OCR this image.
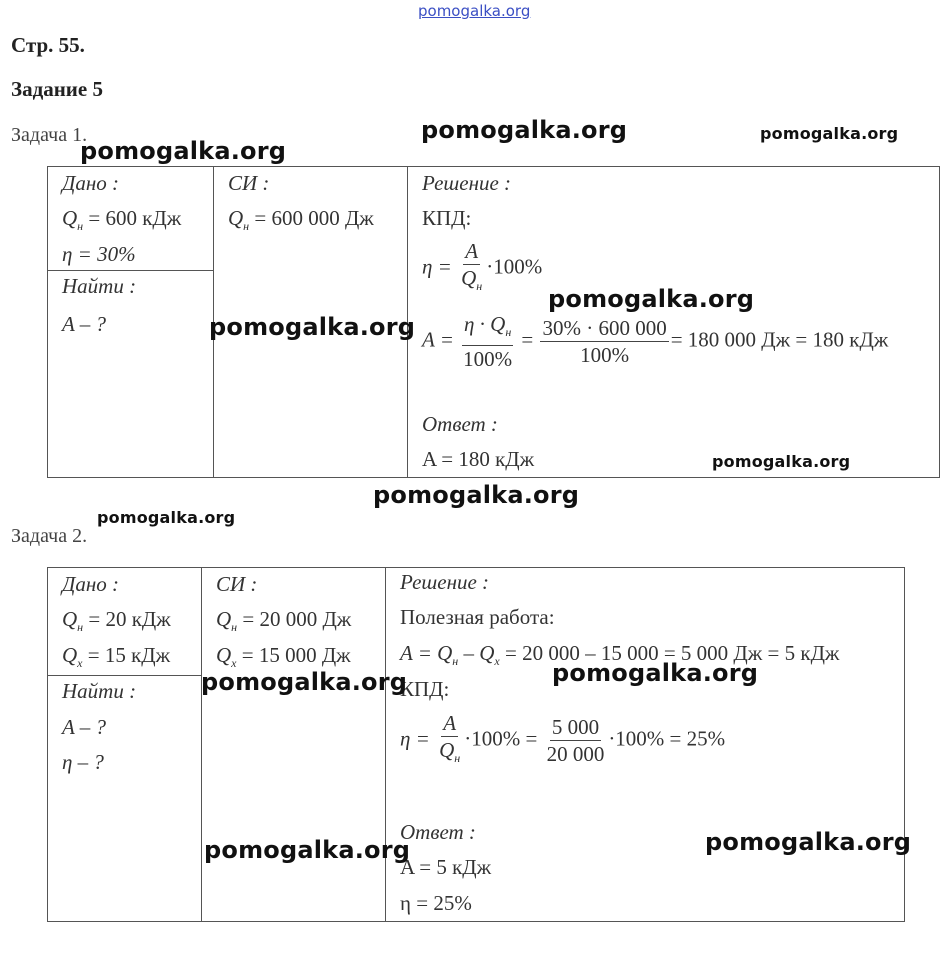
pomogalka.org
Стр. 55.
Задание 5
Задача 1.
Дано :
$Q_н = 600$ кДж
η = 30%
Найти :
A – ?

СИ :
$Q_н = 600$ 000 Дж

Решение :
КПД:
$\eta = \frac{A}{Q_н} \cdot 100\%$
$A = \frac{\eta \cdot Q_н}{100\%} = \frac{30\% \cdot 600 000}{100\%} = 180$ 000 Дж = 180 кДж
Ответ :
A = 180 кДж
Задача 2.
Дано :
$Q_н = 20$ кДж
$Q_х = 15$ кДж
Найти :
A – ?
η – ?

СИ :
$Q_н = 20$ 000 Дж
$Q_х = 15$ 000 Дж

Решение :
Полезная работа:
$A = Q_н - Q_х = 20$ 000 – 15 000 = 5 000 Дж = 5 кДж
КПД:
$\eta = \frac{A}{Q_н} \cdot 100\% = \frac{5 000}{20 000} \cdot 100\% = 25\%$
Ответ :
A = 5 кДж
η = 25%
pomogalka.org	pomogalka.org
pomogalka.org
pomogalka.org
pomogalka.org
pomogalka.org
pomogalka.org
pomogalka.org
pomogalka.org
pomogalka.org
pomogalka.org
pomogalka.org
